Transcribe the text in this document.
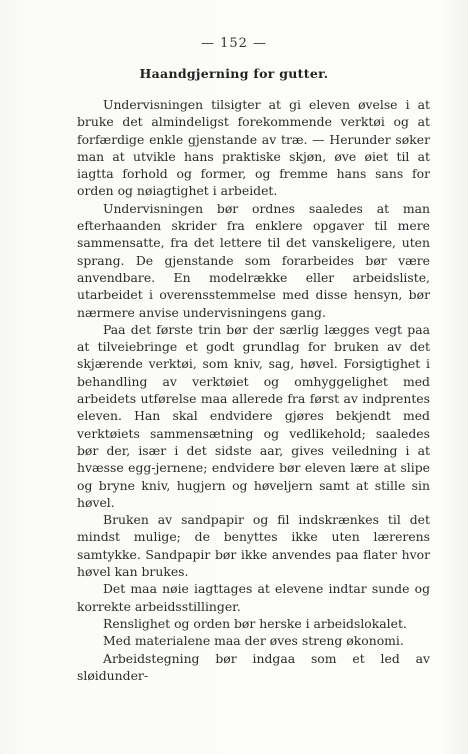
— 152 —
Haandgjerning for gutter.

Undervisningen tilsigter at gi eleven øvelse i at bruke det almindeligst forekommende verktøi og at forfærdige enkle gjenstande av træ. — Herunder søker man at utvikle hans praktiske skjøn, øve øiet til at iagtta forhold og former, og fremme hans sans for orden og nøiagtighet i arbeidet.

Undervisningen bør ordnes saaledes at man efterhaanden skrider fra enklere opgaver til mere sammensatte, fra det lettere til det vanskeligere, uten sprang. De gjenstande som forarbeides bør være anvendbare. En modelrække eller arbeidsliste, utarbeidet i overensstemmelse med disse hensyn, bør nærmere anvise undervisningens gang.

Paa det første trin bør der særlig lægges vegt paa at tilveiebringe et godt grundlag for bruken av det skjærende verktøi, som kniv, sag, høvel. Forsigtighet i behandling av verktøiet og omhyggelighet med arbeidets utførelse maa allerede fra først av indprentes eleven. Han skal endvidere gjøres bekjendt med verktøiets sammensætning og vedlikehold; saaledes bør der, især i det sidste aar, gives veiledning i at hvæsse egg-jernene; endvidere bør eleven lære at slipe og bryne kniv, hugjern og høveljern samt at stille sin høvel.

Bruken av sandpapir og fil indskrænkes til det mindst mulige; de benyttes ikke uten lærerens samtykke. Sandpapir bør ikke anvendes paa flater hvor høvel kan brukes.

Det maa nøie iagttages at elevene indtar sunde og korrekte arbeidsstillinger.

Renslighet og orden bør herske i arbeidslokalet.

Med materialene maa der øves streng økonomi.

Arbeidstegning bør indgaa som et led av sløidunder-
